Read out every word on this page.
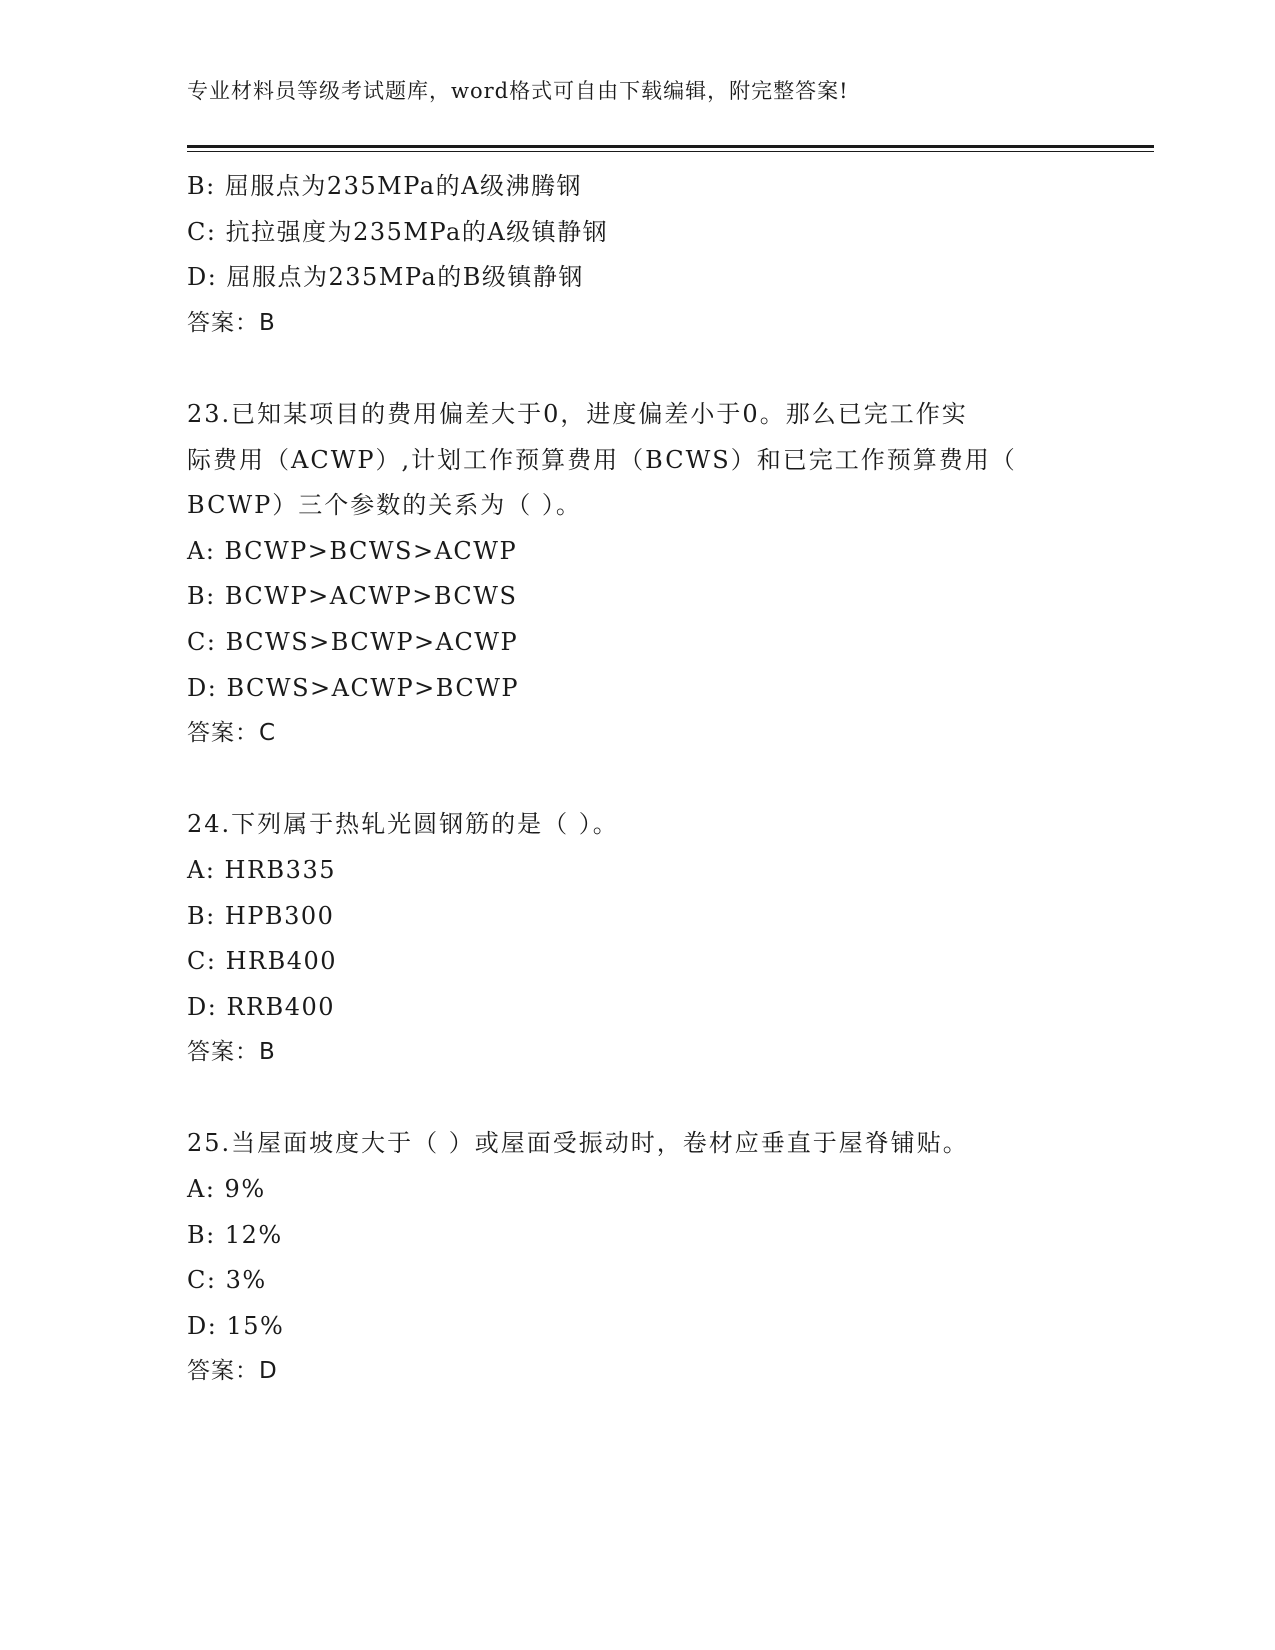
专业材料员等级考试题库，word格式可自由下载编辑，附完整答案!
B: 屈服点为235MPa的A级沸腾钢
C: 抗拉强度为235MPa的A级镇静钢
D: 屈服点为235MPa的B级镇静钢
答案：B
23.已知某项目的费用偏差大于0，进度偏差小于0。那么已完工作实
际费用（ACWP）,计划工作预算费用（BCWS）和已完工作预算费用（
BCWP）三个参数的关系为（ ）。
A: BCWP>BCWS>ACWP
B: BCWP>ACWP>BCWS
C: BCWS>BCWP>ACWP
D: BCWS>ACWP>BCWP
答案：C
24.下列属于热轧光圆钢筋的是（ ）。
A: HRB335
B: HPB300
C: HRB400
D: RRB400
答案：B
25.当屋面坡度大于（ ）或屋面受振动时，卷材应垂直于屋脊铺贴。
A: 9%
B: 12%
C: 3%
D: 15%
答案：D
